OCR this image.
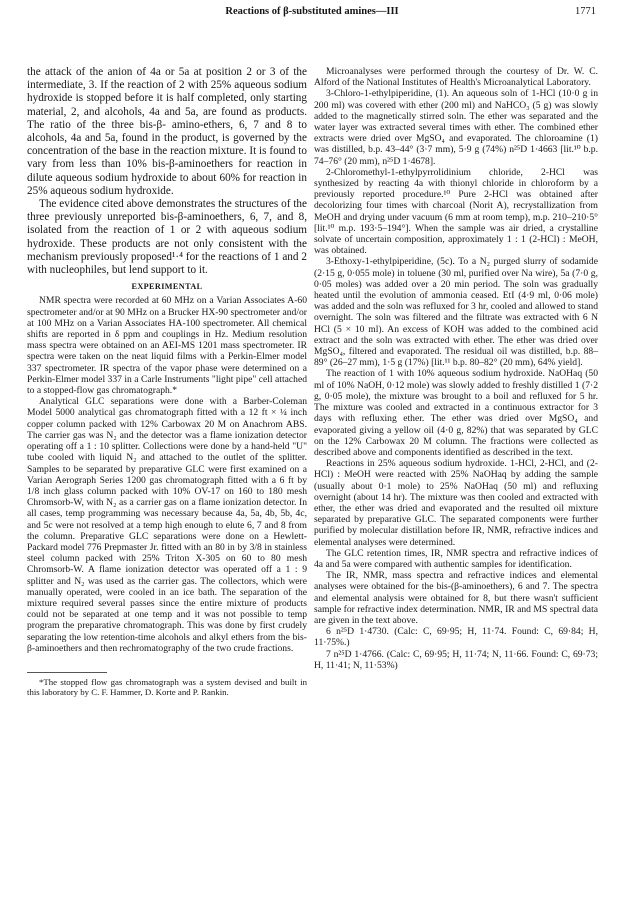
Reactions of β-substituted amines—III	1771

the attack of the anion of 4a or 5a at position 2 or 3 of the intermediate, 3. If the reaction of 2 with 25% aqueous sodium hydroxide is stopped before it is half completed, only starting material, 2, and alcohols, 4a and 5a, are found as products. The ratio of the three bis-β- amino-ethers, 6, 7 and 8 to alcohols, 4a and 5a, found in the product, is governed by the concentration of the base in the reaction mixture. It is found to vary from less than 10% bis-β-aminoethers for reaction in dilute aqueous sodium hydroxide to about 60% for reaction in 25% aqueous sodium hydroxide.

The evidence cited above demonstrates the structures of the three previously unreported bis-β-aminoethers, 6, 7, and 8, isolated from the reaction of 1 or 2 with aqueous sodium hydroxide. These products are not only consistent with the mechanism previously proposed¹·⁴ for the reactions of 1 and 2 with nucleophiles, but lend support to it.

EXPERIMENTAL

NMR spectra were recorded at 60 MHz on a Varian Associates A-60 spectrometer and/or at 90 MHz on a Brucker HX-90 spectrometer and/or at 100 MHz on a Varian Associates HA-100 spectrometer. All chemical shifts are reported in δ ppm and couplings in Hz. Medium resolution mass spectra were obtained on an AEI-MS 1201 mass spectrometer. IR spectra were taken on the neat liquid films with a Perkin-Elmer model 337 spectrometer. IR spectra of the vapor phase were determined on a Perkin-Elmer model 337 in a Carle Instruments "light pipe" cell attached to a stopped-flow gas chromatograph.*

Analytical GLC separations were done with a Barber-Coleman Model 5000 analytical gas chromatograph fitted with a 12 ft × ¼ inch copper column packed with 12% Carbowax 20 M on Anachrom ABS. The carrier gas was N₂ and the detector was a flame ionization detector operating off a 1 : 10 splitter. Collections were done by a hand-held "U" tube cooled with liquid N₂ and attached to the outlet of the splitter. Samples to be separated by preparative GLC were first examined on a Varian Aerograph Series 1200 gas chromatograph fitted with a 6 ft by 1/8 inch glass column packed with 10% OV-17 on 160 to 180 mesh Chromsorb-W, with N₂ as a carrier gas on a flame ionization detector. In all cases, temp programming was necessary because 4a, 5a, 4b, 5b, 4c, and 5c were not resolved at a temp high enough to elute 6, 7 and 8 from the column. Preparative GLC separations were done on a Hewlett-Packard model 776 Prepmaster Jr. fitted with an 80 in by 3/8 in stainless steel column packed with 25% Triton X-305 on 60 to 80 mesh Chromsorb-W. A flame ionization detector was operated off a 1 : 9 splitter and N₂ was used as the carrier gas. The collectors, which were manually operated, were cooled in an ice bath. The separation of the mixture required several passes since the entire mixture of products could not be separated at one temp and it was not possible to temp program the preparative chromatograph. This was done by first crudely separating the low retention-time alcohols and alkyl ethers from the bis-β-aminoethers and then rechromatography of the two crude fractions.

*The stopped flow gas chromatograph was a system devised and built in this laboratory by C. F. Hammer, D. Korte and P. Rankin.

Microanalyses were performed through the courtesy of Dr. W. C. Alford of the National Institutes of Health's Microanalytical Laboratory.

3-Chloro-1-ethylpiperidine, (1). An aqueous soln of 1-HCl (10·0 g in 200 ml) was covered with ether (200 ml) and NaHCO₃ (5 g) was slowly added to the magnetically stirred soln. The ether was separated and the water layer was extracted several times with ether. The combined ether extracts were dried over MgSO₄ and evaporated. The chloroamine (1) was distilled, b.p. 43–44° (3·7 mm), 5·9 g (74%) n²⁵D 1·4663 [lit.¹⁰ b.p. 74–76° (20 mm), n²⁵D 1·4678].

2-Chloromethyl-1-ethylpyrrolidinium chloride, 2-HCl was synthesized by reacting 4a with thionyl chloride in chloroform by a previously reported procedure.¹⁰ Pure 2-HCl was obtained after decolorizing four times with charcoal (Norit A), recrystallization from MeOH and drying under vacuum (6 mm at room temp), m.p. 210–210·5° [lit.¹⁰ m.p. 193·5–194°]. When the sample was air dried, a crystalline solvate of uncertain composition, approximately 1 : 1 (2-HCl) : MeOH, was obtained.

3-Ethoxy-1-ethylpiperidine, (5c). To a N₂ purged slurry of sodamide (2·15 g, 0·055 mole) in toluene (30 ml, purified over Na wire), 5a (7·0 g, 0·05 moles) was added over a 20 min period. The soln was gradually heated until the evolution of ammonia ceased. EtI (4·9 ml, 0·06 mole) was added and the soln was refluxed for 3 hr, cooled and allowed to stand overnight. The soln was filtered and the filtrate was extracted with 6 N HCl (5 × 10 ml). An excess of KOH was added to the combined acid extract and the soln was extracted with ether. The ether was dried over MgSO₄, filtered and evaporated. The residual oil was distilled, b.p. 88–89° (26–27 mm), 1·5 g (17%) [lit.¹¹ b.p. 80–82° (20 mm), 64% yield].

The reaction of 1 with 10% aqueous sodium hydroxide. NaOHaq (50 ml of 10% NaOH, 0·12 mole) was slowly added to freshly distilled 1 (7·2 g, 0·05 mole), the mixture was brought to a boil and refluxed for 5 hr. The mixture was cooled and extracted in a continuous extractor for 3 days with refluxing ether. The ether was dried over MgSO₄ and evaporated giving a yellow oil (4·0 g, 82%) that was separated by GLC on the 12% Carbowax 20 M column. The fractions were collected as described above and components identified as described in the text.

Reactions in 25% aqueous sodium hydroxide. 1-HCl, 2-HCl, and (2-HCl) : MeOH were reacted with 25% NaOHaq by adding the sample (usually about 0·1 mole) to 25% NaOHaq (50 ml) and refluxing overnight (about 14 hr). The mixture was then cooled and extracted with ether, the ether was dried and evaporated and the resulted oil mixture separated by preparative GLC. The separated components were further purified by molecular distillation before IR, NMR, refractive indices and elemental analyses were determined.

The GLC retention times, IR, NMR spectra and refractive indices of 4a and 5a were compared with authentic samples for identification.

The IR, NMR, mass spectra and refractive indices and elemental analyses were obtained for the bis-(β-aminoethers), 6 and 7. The spectra and elemental analysis were obtained for 8, but there wasn't sufficient sample for refractive index determination. NMR, IR and MS spectral data are given in the text above.

6 n²⁵D 1·4730. (Calc: C, 69·95; H, 11·74. Found: C, 69·84; H, 11·75%.)

7 n²⁵D 1·4766. (Calc: C, 69·95; H, 11·74; N, 11·66. Found: C, 69·73; H, 11·41; N, 11·53%)
